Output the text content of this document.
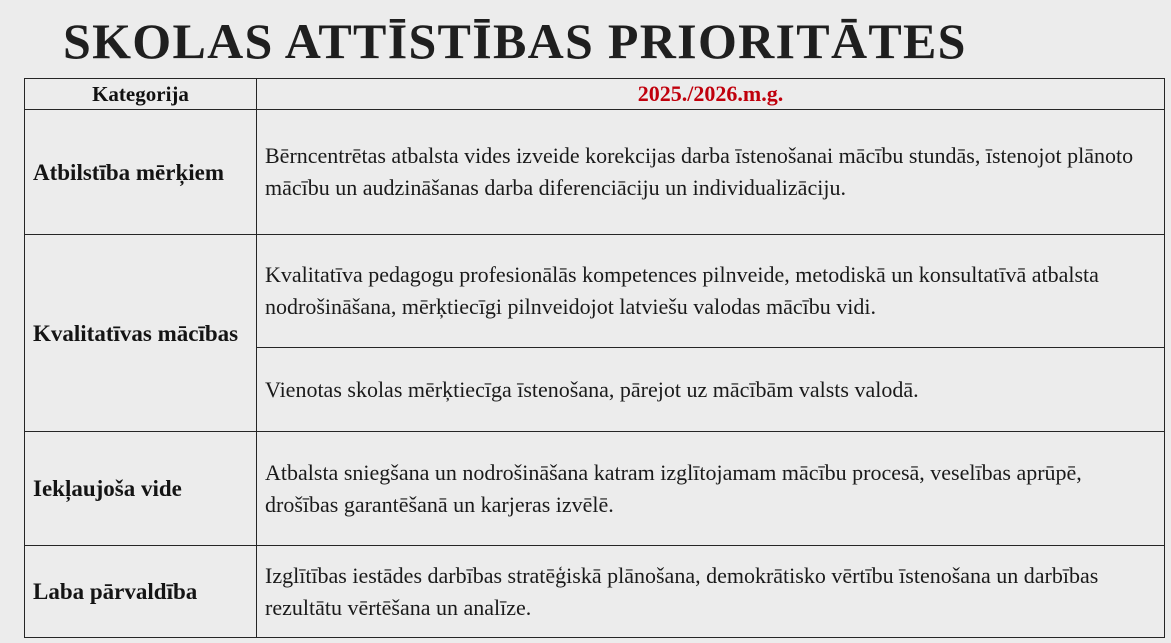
SKOLAS ATTĪSTĪBAS PRIORITĀTES
Kategorija	2025./2026.m.g.
Atbilstība mērķiem	Bērncentrētas atbalsta vides izveide korekcijas darba īstenošanai mācību stundās, īstenojot plānoto mācību un audzināšanas darba diferenciāciju un individualizāciju.
Kvalitatīvas mācības	Kvalitatīva pedagogu profesionālās kompetences pilnveide, metodiskā un konsultatīvā atbalsta nodrošināšana, mērķtiecīgi pilnveidojot latviešu valodas mācību vidi.
	Vienotas skolas mērķtiecīga īstenošana, pārejot uz mācībām valsts valodā.
Iekļaujoša vide	Atbalsta sniegšana un nodrošināšana katram izglītojamam mācību procesā, veselības aprūpē, drošības garantēšanā un karjeras izvēlē.
Laba pārvaldība	Izglītības iestādes darbības stratēģiskā plānošana, demokrātisko vērtību īstenošana un darbības rezultātu vērtēšana un analīze.
